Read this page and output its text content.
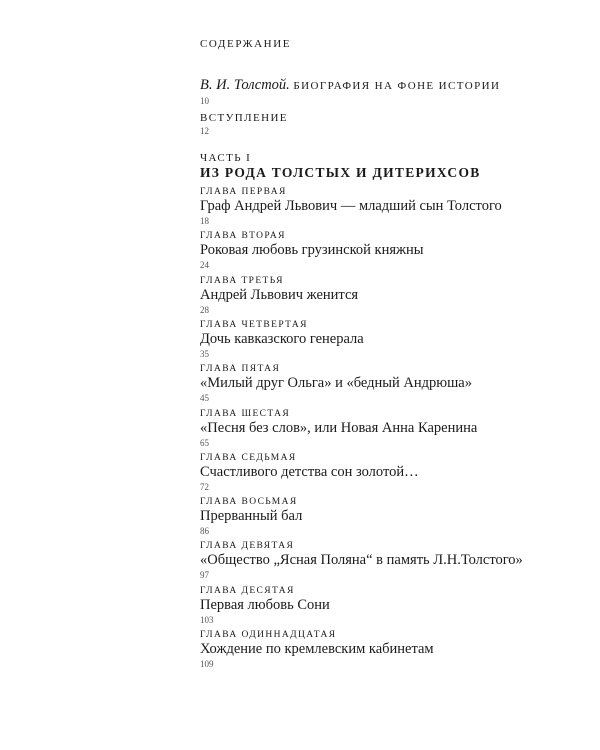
СОДЕРЖАНИЕ
В. И. Толстой. БИОГРАФИЯ НА ФОНЕ ИСТОРИИ
10
ВСТУПЛЕНИЕ
12
ЧАСТЬ I
ИЗ РОДА ТОЛСТЫХ И ДИТЕРИХСОВ
ГЛАВА ПЕРВАЯ
Граф Андрей Львович — младший сын Толстого
18
ГЛАВА ВТОРАЯ
Роковая любовь грузинской княжны
24
ГЛАВА ТРЕТЬЯ
Андрей Львович женится
28
ГЛАВА ЧЕТВЕРТАЯ
Дочь кавказского генерала
35
ГЛАВА ПЯТАЯ
«Милый друг Ольга» и «бедный Андрюша»
45
ГЛАВА ШЕСТАЯ
«Песня без слов», или Новая Анна Каренина
65
ГЛАВА СЕДЬМАЯ
Счастливого детства сон золотой…
72
ГЛАВА ВОСЬМАЯ
Прерванный бал
86
ГЛАВА ДЕВЯТАЯ
«Общество „Ясная Поляна“ в память Л.Н.Толстого»
97
ГЛАВА ДЕСЯТАЯ
Первая любовь Сони
103
ГЛАВА ОДИННАДЦАТАЯ
Хождение по кремлевским кабинетам
109
